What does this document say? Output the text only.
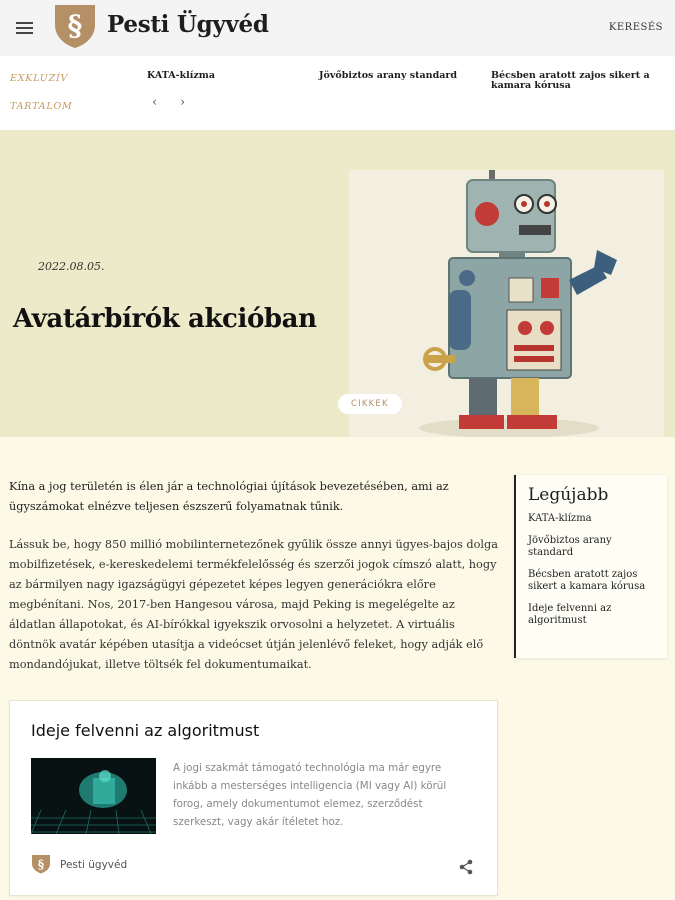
§ Pesti Ügyvéd	KERESÉS
EXKLUZÍV
TARTALOM
KATA-klízma	Jövőbiztos arany standard	Bécsben aratott zajos sikert a
kamara kórusa
‹ ›
2022.08.05.
Avatárbírók akcióban
CIKKEK

Kína a jog területén is élen jár a technológiai újítások bevezetésében, ami az ügyszámokat elnézve teljesen észszerű folyamatnak tűnik.

Lássuk be, hogy 850 millió mobilinternetezőnek gyűlik össze annyi ügyes-bajos dolga mobilfizetések, e-kereskedelemi termékfelelősség és szerzői jogok címszó alatt, hogy az bármilyen nagy igazságügyi gépezetet képes legyen generációkra előre megbénítani. Nos, 2017-ben Hangesou városa, majd Peking is megelégelte az áldatlan állapotokat, és AI-bírókkal igyekszik orvosolni a helyzetet. A virtuális döntnök avatár képében utasítja a videócset útján jelenlévő feleket, hogy adják elő mondandójukat, illetve töltsék fel dokumentumaikat.

Legújabb
KATA-klízma
Jövőbiztos arany standard
Bécsben aratott zajos sikert a kamara kórusa
Ideje felvenni az algoritmust
Ideje felvenni az algoritmust
A jogi szakmát támogató technológia ma már egyre inkább a mesterséges intelligencia (MI vagy AI) körül forog, amely dokumentumot elemez, szerződést szerkeszt, vagy akár ítéletet hoz.
§ Pesti ügyvéd
